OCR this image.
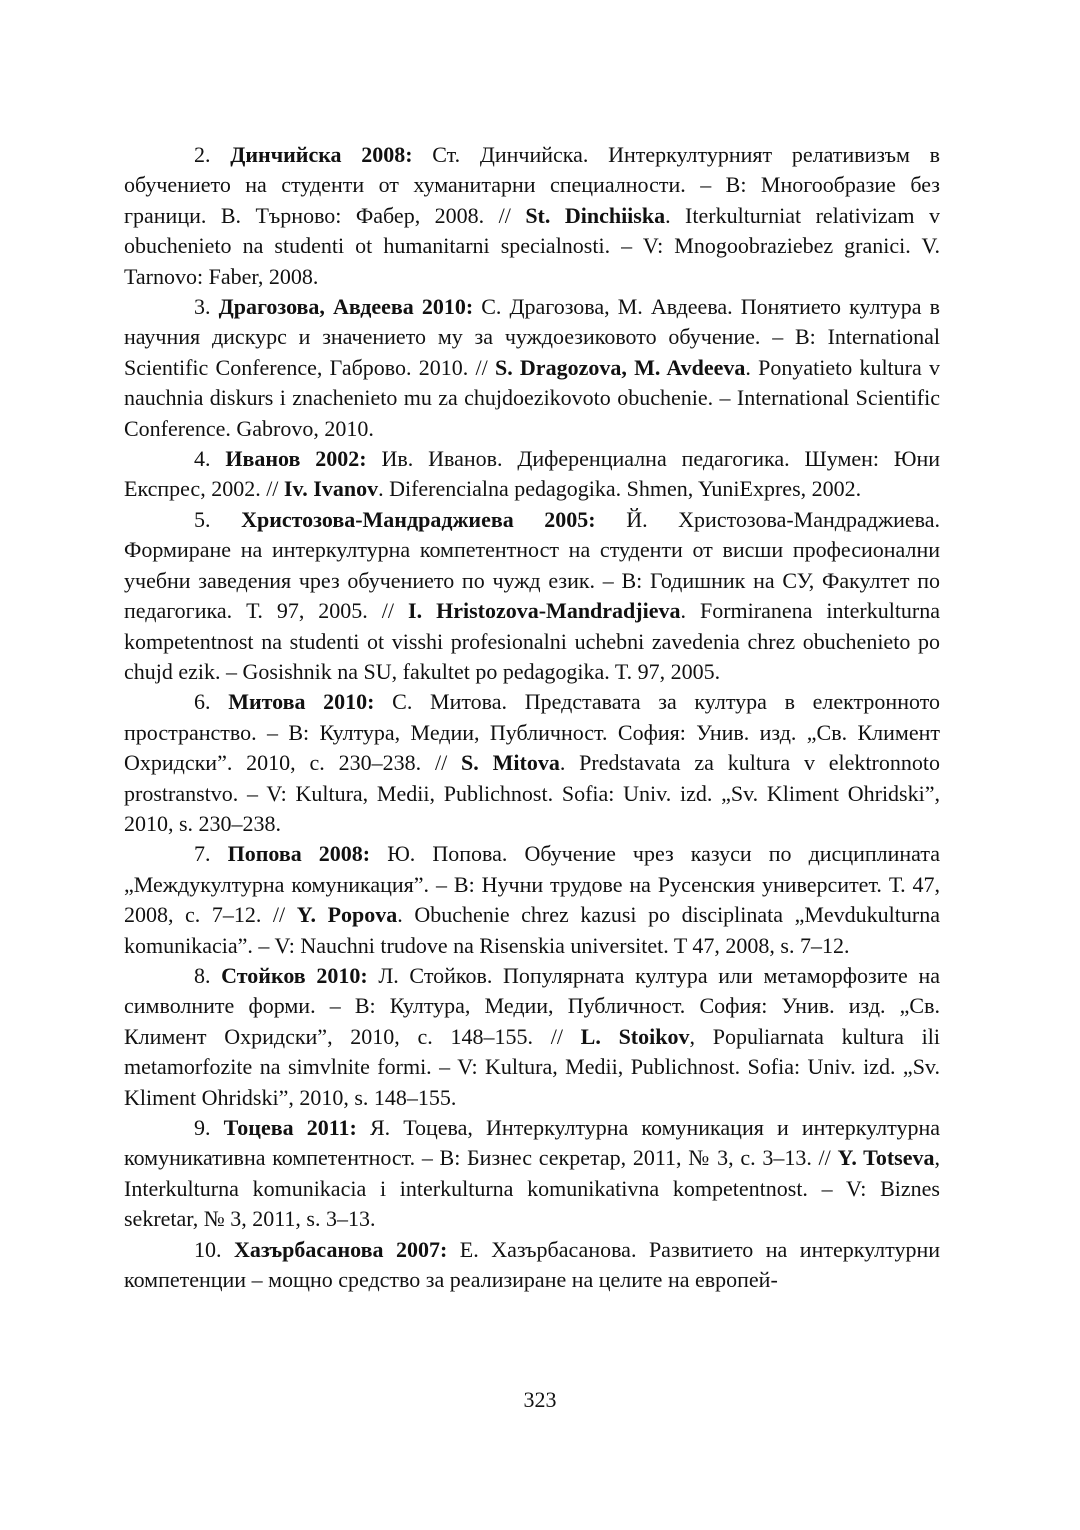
2. Динчийска 2008: Ст. Динчийска. Интеркултурният релативизъм в обучението на студенти от хуманитарни специалности. – В: Многообразие без граници. В. Търново: Фабер, 2008. // St. Dinchiiska. Iterkulturniat relativizam v obuchenieto na studenti ot humanitarni specialnosti. – V: Mnogoobraziebez granici. V. Tarnovo: Faber, 2008.

3. Драгозова, Авдеева 2010: С. Драгозова, М. Авдеева. Понятието култура в научния дискурс и значението му за чуждоезиковото обучение. – В: International Scientific Conference, Габрово. 2010. // S. Dragozova, M. Avdeeva. Ponyatieto kultura v nauchnia diskurs i znachenieto mu za chujdoezikovoto obuchenie. – International Scientific Conference. Gabrovo, 2010.

4. Иванов 2002: Ив. Иванов. Диференциална педагогика. Шумен: Юни Експрес, 2002. // Iv. Ivanov. Diferencialna pedagogika. Shmen, YuniExpres, 2002.

5. Христозова-Мандраджиева 2005: Й. Христозова-Мандраджиева. Формиране на интеркултурна компетентност на студенти от висши професионални учебни заведения чрез обучението по чужд език. – В: Годишник на СУ, Факултет по педагогика. Т. 97, 2005. // I. Hristozova-Mandradjieva. Formiranena interkulturna kompetentnost na studenti ot visshi profesionalni uchebni zavedenia chrez obuchenieto po chujd ezik. – Gosishnik na SU, fakultet po pedagogika. T. 97, 2005.

6. Митова 2010: С. Митова. Представата за култура в електронното пространство. – В: Култура, Медии, Публичност. София: Унив. изд. „Св. Климент Охридски”. 2010, с. 230–238. // S. Mitova. Predstavata za kultura v elektronnoto prostranstvo. – V: Kultura, Medii, Publichnost. Sofia: Univ. izd. „Sv. Kliment Ohridski”, 2010, s. 230–238.

7. Попова 2008: Ю. Попова. Обучение чрез казуси по дисциплината „Междукултурна комуникация”. – В: Нучни трудове на Русенския университет. Т. 47, 2008, с. 7–12. // Y. Popova. Obuchenie chrez kazusi po disciplinata „Mevdukulturna komunikacia”. – V: Nauchni trudove na Risenskia universitet. T 47, 2008, s. 7–12.

8. Стойков 2010: Л. Стойков. Популярната култура или метаморфозите на символните форми. – В: Култура, Медии, Публичност. София: Унив. изд. „Св. Климент Охридски”, 2010, с. 148–155. // L. Stoikov, Populiarnata kultura ili metamorfozite na simvlnite formi. – V: Kultura, Medii, Publichnost. Sofia: Univ. izd. „Sv. Kliment Ohridski”, 2010, s. 148–155.

9. Тоцева 2011: Я. Тоцева, Интеркултурна комуникация и интеркултурна комуникативна компетентност. – В: Бизнес секретар, 2011, № 3, с. 3–13. // Y. Totseva, Interkulturna komunikacia i interkulturna komunikativna kompetentnost. – V: Biznes sekretar, № 3, 2011, s. 3–13.

10. Хазърбасанова 2007: Е. Хазърбасанова. Развитието на интеркултурни компетенции – мощно средство за реализиране на целите на европей-

323
